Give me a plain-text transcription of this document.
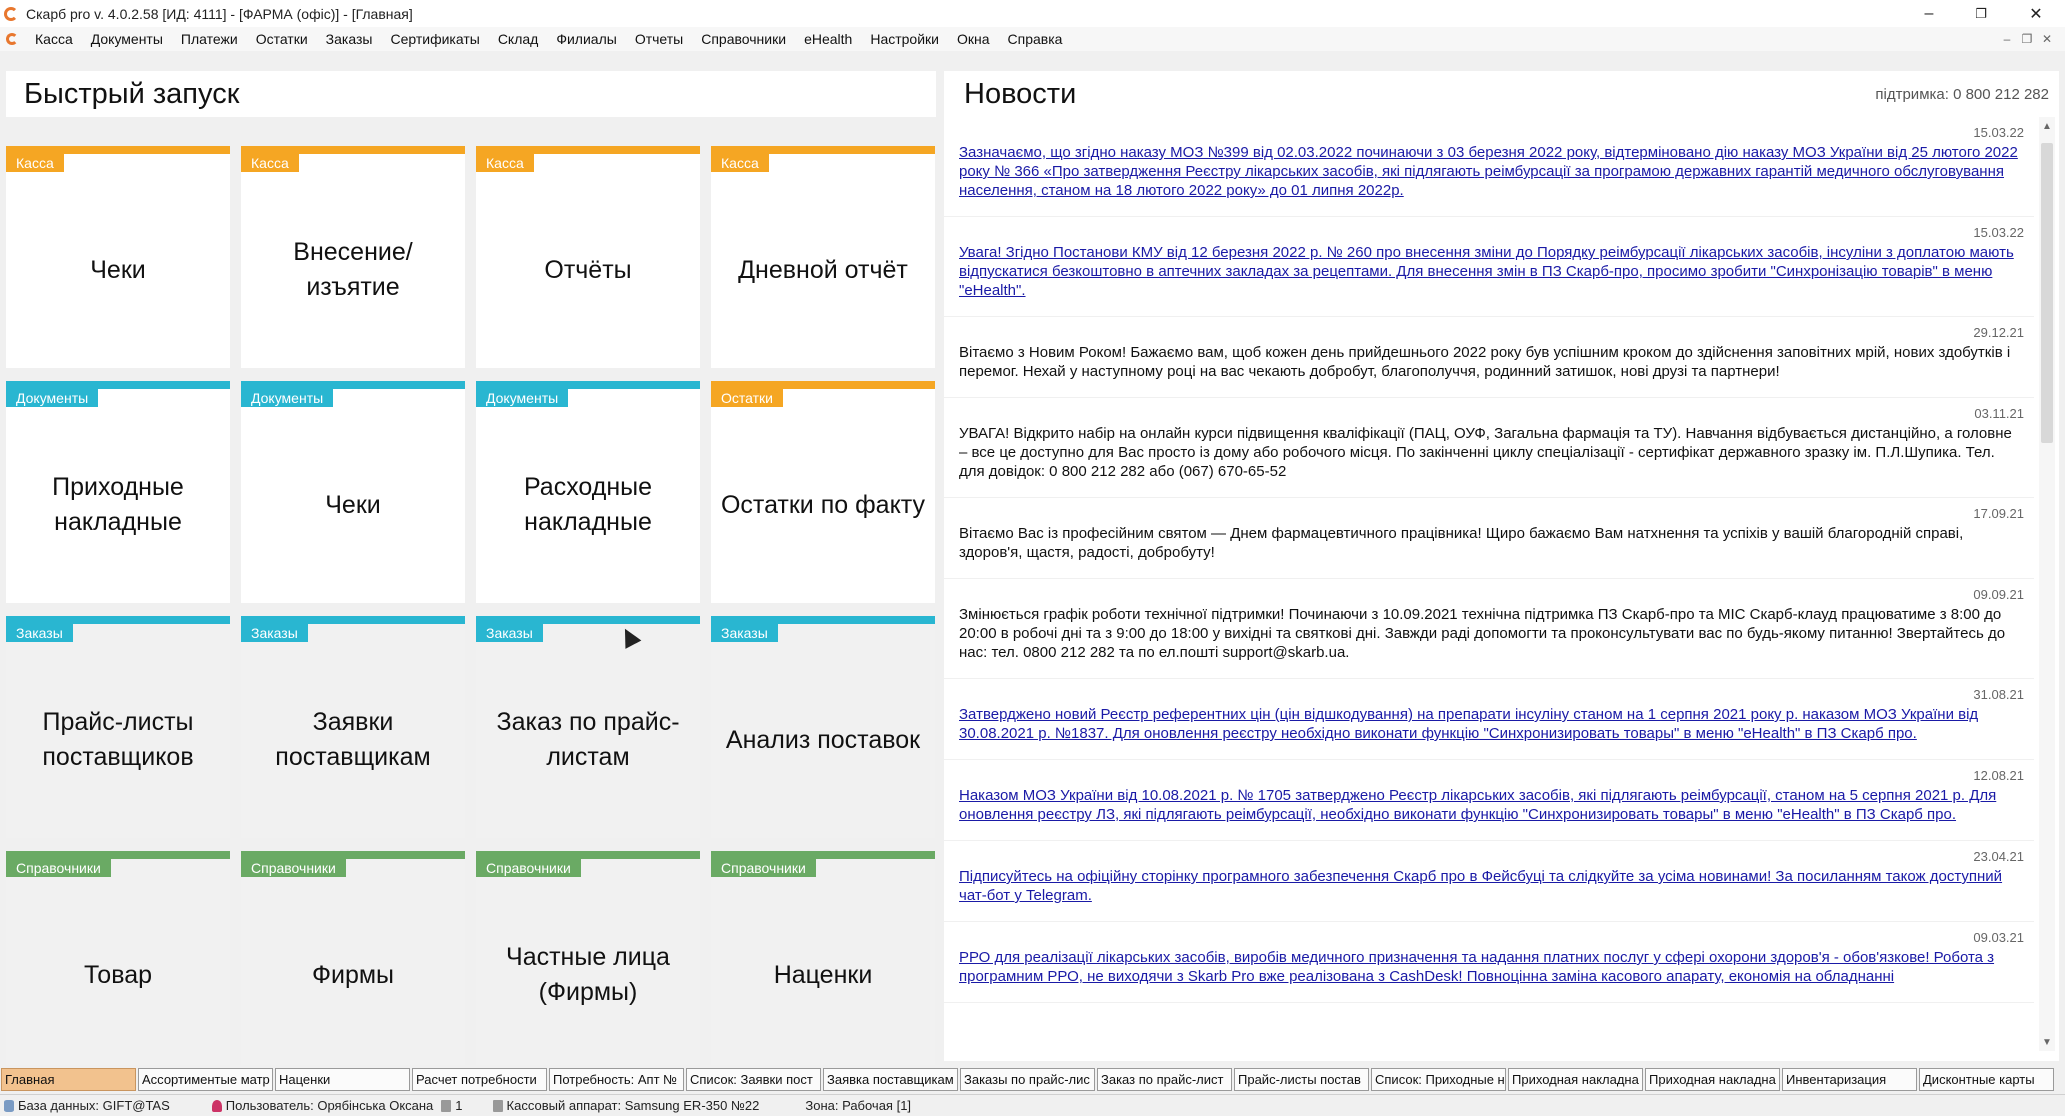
Скарб pro v. 4.0.2.58 [ИД: 4111] - [ФАРМА (офіс)] - [Главная]	–	❐	✕
Касса	Документы	Платежи	Остатки	Заказы	Сертификаты	Склад	Филиалы	Отчеты	Справочники	eHealth	Настройки	Окна	Справка	– ❐ ✕
Быстрый запуск
Касса
Чеки
Касса
Внесение/изъятие
Касса
Отчёты
Касса
Дневной отчёт
Документы
Приходные накладные
Документы
Чеки
Документы
Расходные накладные
Остатки
Остатки по факту
Заказы
Прайс-листы поставщиков
Заказы
Заявки поставщикам
Заказы
Заказ по прайс-листам
Заказы
Анализ поставок
Справочники
Товар
Справочники
Фирмы
Справочники
Частные лица (Фирмы)
Справочники
Наценки
Новости	підтримка: 0 800 212 282
15.03.22
Зазначаємо, що згідно наказу МОЗ №399 від 02.03.2022 починаючи з 03 березня 2022 року, відтерміновано дію наказу МОЗ України від 25 лютого 2022 року № 366 «Про затвердження Реєстру лікарських засобів, які підлягають реімбурсації за програмою державних гарантій медичного обслуговування населення, станом на 18 лютого 2022 року» до 01 липня 2022р.
15.03.22
Увага! Згідно Постанови КМУ від 12 березня 2022 р. № 260 про внесення зміни до Порядку реімбурсації лікарських засобів, інсуліни з доплатою мають відпускатися безкоштовно в аптечних закладах за рецептами. Для внесення змін в ПЗ Скарб-про, просимо зробити "Синхронізацію товарів" в меню "eHealth".
29.12.21
Вітаємо з Новим Роком! Бажаємо вам, щоб кожен день прийдешнього 2022 року був успішним кроком до здійснення заповітних мрій, нових здобутків і перемог. Нехай у наступному році на вас чекають добробут, благополуччя, родинний затишок, нові друзі та партнери!
03.11.21
УВАГА! Відкрито набір на онлайн курси підвищення кваліфікації (ПАЦ, ОУФ, Загальна фармація та ТУ). Навчання відбувається дистанційно, а головне – все це доступно для Вас просто із дому або робочого місця. По закінченні циклу спеціалізації - сертифікат державного зразку ім. П.Л.Шупика. Тел. для довідок: 0 800 212 282 або (067) 670-65-52
17.09.21
Вітаємо Вас із професійним святом — Днем фармацевтичного працівника! Щиро бажаємо Вам натхнення та успіхів у вашій благородній справі, здоров'я, щастя, радості, добробуту!
09.09.21
Змінюється графік роботи технічної підтримки! Починаючи з 10.09.2021 технічна підтримка ПЗ Скарб-про та МІС Скарб-клауд працюватиме з 8:00 до 20:00 в робочі дні та з 9:00 до 18:00 у вихідні та святкові дні. Завжди раді допомогти та проконсультувати вас по будь-якому питанню! Звертайтесь до нас: тел. 0800 212 282 та по ел.пошті support@skarb.ua.
31.08.21
Затверджено новий Реєстр референтних цін (цін відшкодування) на препарати інсуліну станом на 1 серпня 2021 року р. наказом МОЗ України від 30.08.2021 р. №1837. Для оновлення реєстру необхідно виконати функцію "Синхронизировать товары" в меню "eHealth" в ПЗ Скарб про.
12.08.21
Наказом МОЗ України від 10.08.2021 р. № 1705 затверджено Реєстр лікарських засобів, які підлягають реімбурсації, станом на 5 серпня 2021 р. Для оновлення реєстру ЛЗ, які підлягають реімбурсації, необхідно виконати функцію "Синхронизировать товары" в меню "eHealth" в ПЗ Скарб про.
23.04.21
Підписуйтесь на офіційну сторінку програмного забезпечення Скарб про в Фейсбуці та слідкуйте за усіма новинами! За посиланням також доступний чат-бот у Telegram.
09.03.21
РРО для реалізації лікарських засобів, виробів медичного призначення та надання платних послуг у сфері охорони здоров'я - обов'язкове! Робота з програмним РРО, не виходячи з Skarb Pro вже реалізована з CashDesk! Повноцінна заміна касового апарату, економія на обладнанні
▲
▼
Главная	Ассортиментые матр Наценки	Расчет потребности	Потребность: Апт № Список: Заявки пост	Заявка поставщикам Заказы по прайс-лис Заказ по прайс-лист	Прайс-листы постав	Список: Приходные н Приходная накладна Приходная накладна Инвентаризация	Дисконтные карты
База данных: GIFT@TAS	Пользователь: Орябінська Оксана 1	Кассовый аппарат: Samsung ER-350 №22	Зона: Рабочая [1]
